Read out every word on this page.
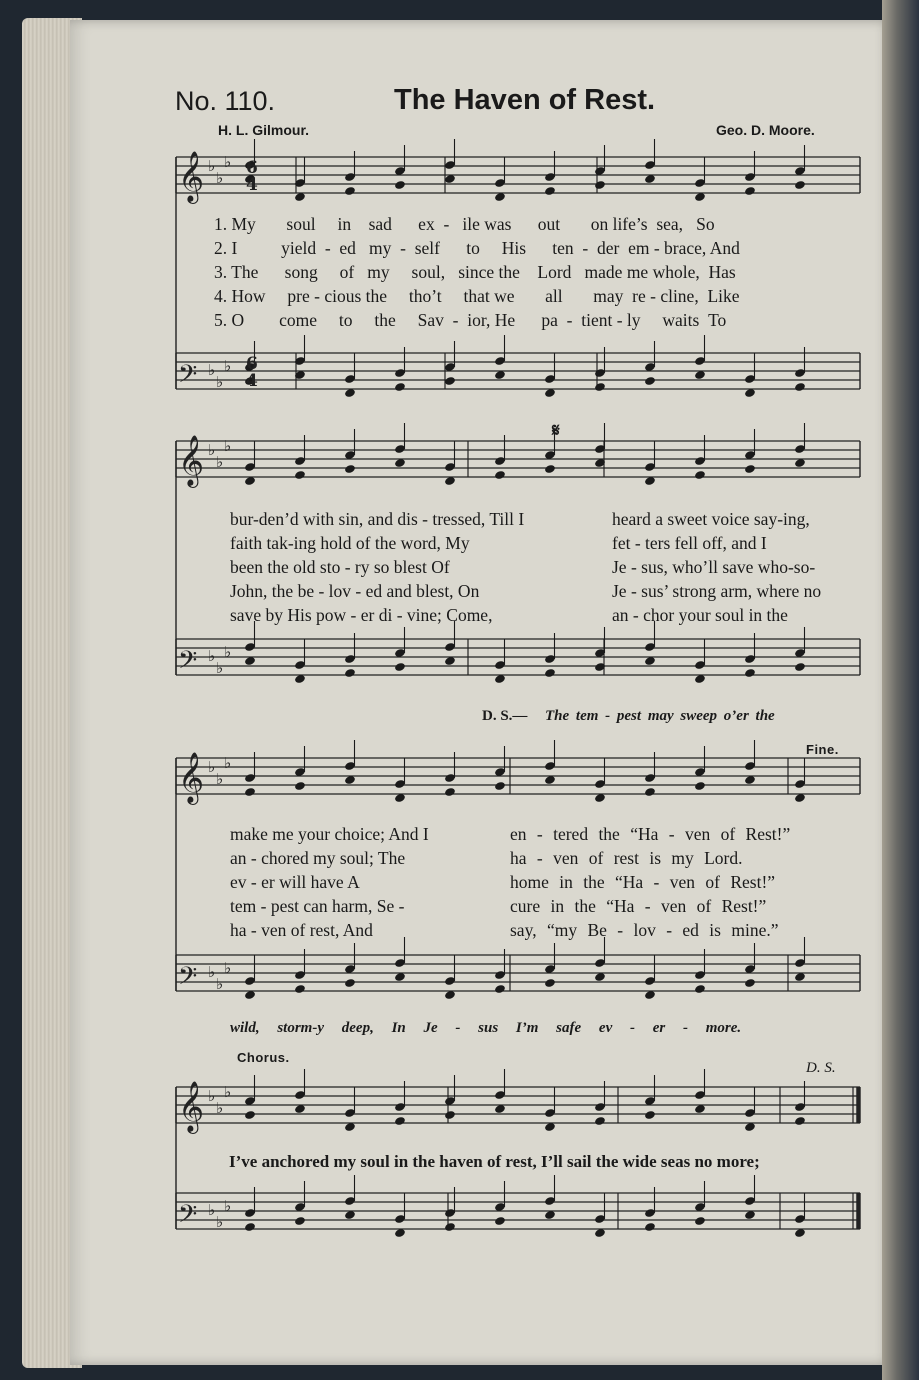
No. 110.	The Haven of Rest.
H. L. Gilmour.	Geo. D. Moore.
𝄞 ♭
♭
♭
𝄢 ♭
♭
♭
𝄞 ♭
♭
♭
𝄢 ♭
♭
♭
𝄞 ♭
♭
♭
𝄢 ♭
♭
♭
𝄞 ♭
♭
♭
𝄢 ♭
♭
♭
6
4
6
4
1. My       soul     in    sad      ex  -   ile was      out       on life’s  sea,   So
2. I          yield  -  ed   my  -  self      to     His      ten  -  der  em - brace, And
3. The      song     of   my     soul,   since the    Lord   made me whole,  Has
4. How     pre - cious the     tho’t     that we       all       may  re - cline,  Like
5. O        come     to     the     Sav  -  ior, He      pa  -  tient - ly     waits  To
𝄋
bur-den’d with sin, and dis - tressed, Till I
faith tak-ing hold of the word, My
been the old sto - ry so blest Of
John, the be - lov - ed and blest, On
save by His pow - er di - vine; Come,
heard a sweet voice say-ing,
fet - ters fell off, and I
Je - sus, who’ll save who-so-
Je - sus’ strong arm, where no
an - chor your soul in the
D. S.— The tem - pest may sweep o’er the
Fine.
make me your choice; And I
an - chored my soul; The
ev - er will have A
tem - pest can harm, Se -
ha - ven of rest, And
en - tered the “Ha - ven of Rest!”
ha - ven of rest is my Lord.
home in the “Ha - ven of Rest!”
cure in the “Ha - ven of Rest!”
say, “my Be - lov - ed is mine.”
wild, storm-y deep, In Je - sus I’m safe ev - er - more.
Chorus.
D. S.
I’ve anchored my soul in the haven of rest, I’ll sail the wide seas no more;
